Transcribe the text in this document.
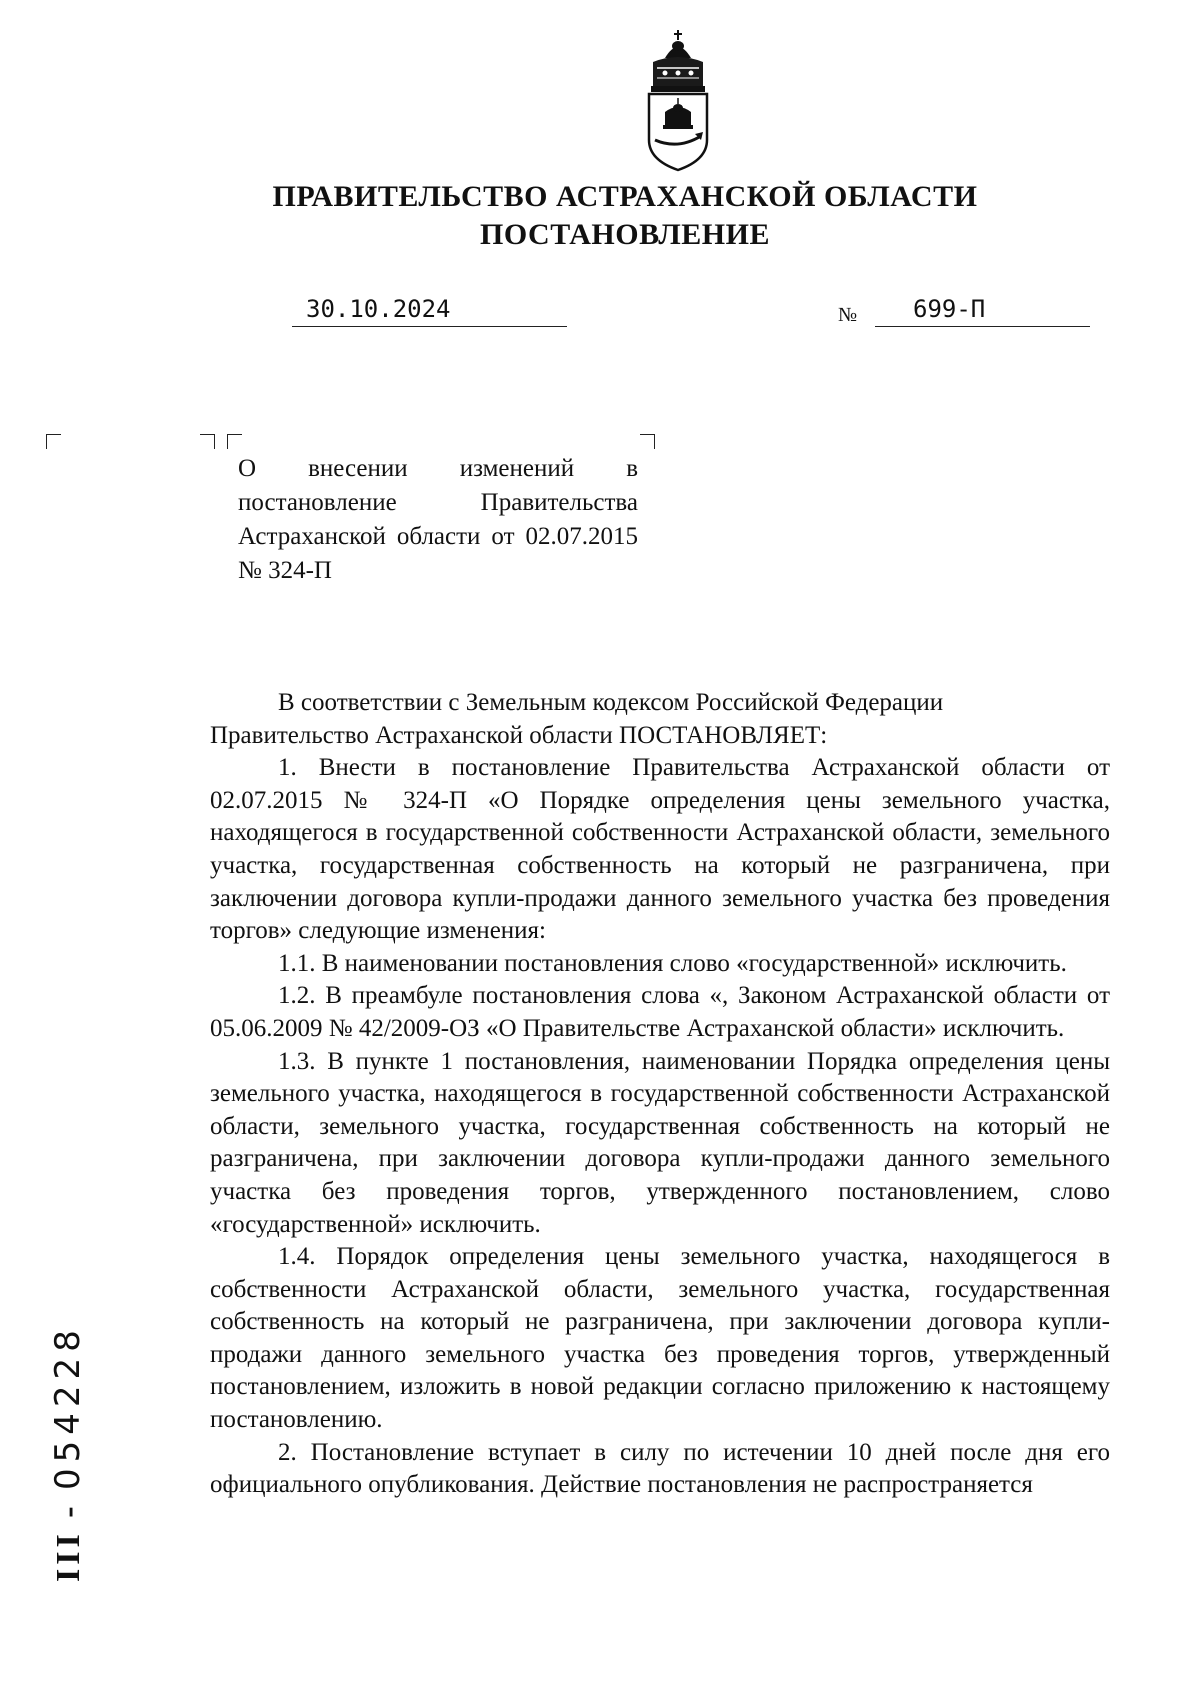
ПРАВИТЕЛЬСТВО АСТРАХАНСКОЙ ОБЛАСТИ
ПОСТАНОВЛЕНИЕ
30.10.2024	№	699-П

О внесении изменений в постановление Правительства Астраханской области от 02.07.2015 № 324-П

В соответствии с Земельным кодексом Российской Федерации

Правительство Астраханской области ПОСТАНОВЛЯЕТ:

1. Внести в постановление Правительства Астраханской области от 02.07.2015 № 324-П «О Порядке определения цены земельного участка, находящегося в государственной собственности Астраханской области, земельного участка, государственная собственность на который не разграничена, при заключении договора купли-продажи данного земельного участка без проведения торгов» следующие изменения:

1.1. В наименовании постановления слово «государственной» исключить.

1.2. В преамбуле постановления слова «, Законом Астраханской области от 05.06.2009 № 42/2009-ОЗ «О Правительстве Астраханской области» исключить.

1.3. В пункте 1 постановления, наименовании Порядка определения цены земельного участка, находящегося в государственной собственности Астраханской области, земельного участка, государственная собственность на который не разграничена, при заключении договора купли-продажи данного земельного участка без проведения торгов, утвержденного постановлением, слово «государственной» исключить.

1.4. Порядок определения цены земельного участка, находящегося в собственности Астраханской области, земельного участка, государственная собственность на который не разграничена, при заключении договора купли-продажи данного земельного участка без проведения торгов, утвержденный постановлением, изложить в новой редакции согласно приложению к настоящему постановлению.

2. Постановление вступает в силу по истечении 10 дней после дня его официального опубликования. Действие постановления не распространяется

ІІІ - 054228
